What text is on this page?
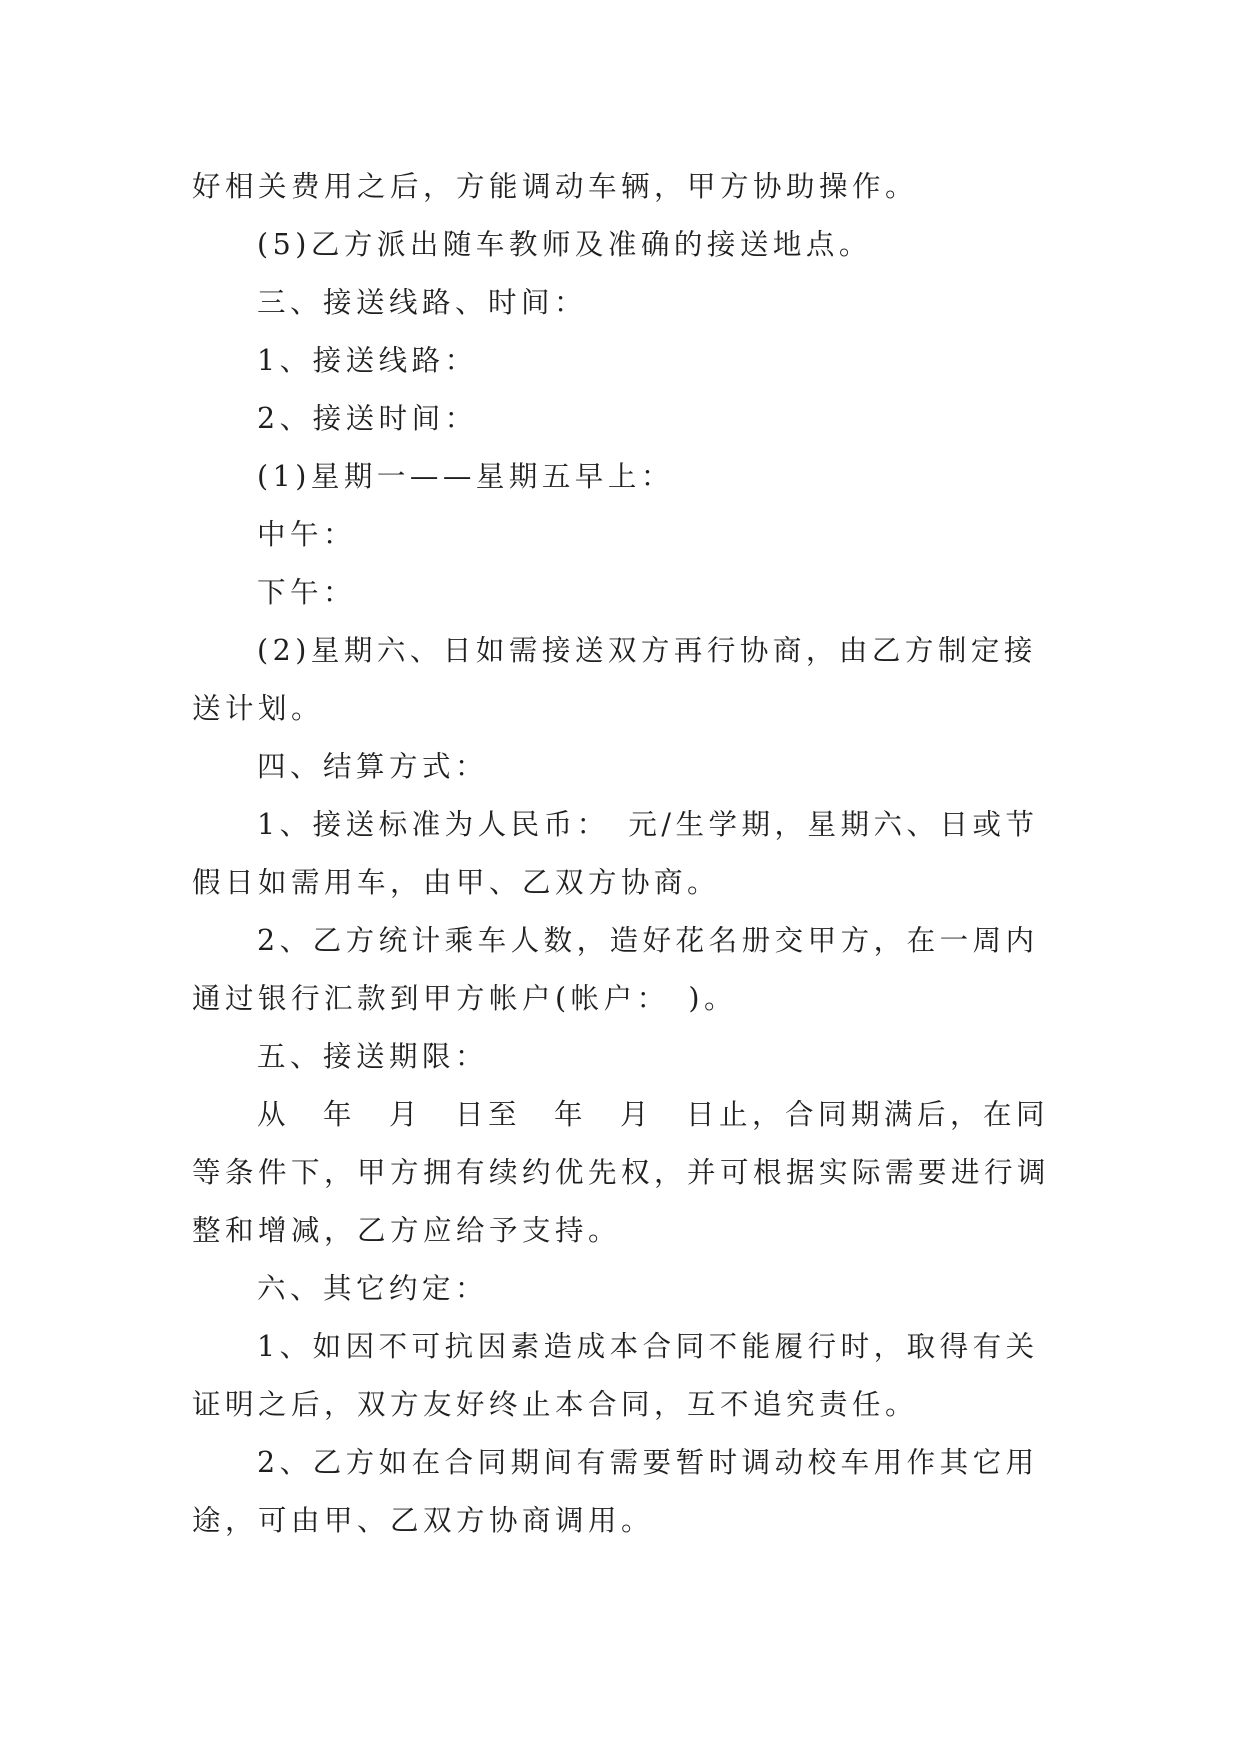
好相关费用之后，方能调动车辆，甲方协助操作。

(5)乙方派出随车教师及准确的接送地点。

三、接送线路、时间：

1、接送线路：

2、接送时间：

(1)星期一——星期五早上：

中午：

下午：

(2)星期六、日如需接送双方再行协商，由乙方制定接送计划。

四、结算方式：

1、接送标准为人民币：　元/生学期，星期六、日或节假日如需用车，由甲、乙双方协商。

2、乙方统计乘车人数，造好花名册交甲方，在一周内通过银行汇款到甲方帐户(帐户：　)。

五、接送期限：

从　年　月　日至　年　月　日止，合同期满后，在同等条件下，甲方拥有续约优先权，并可根据实际需要进行调整和增减，乙方应给予支持。

六、其它约定：

1、如因不可抗因素造成本合同不能履行时，取得有关证明之后，双方友好终止本合同，互不追究责任。

2、乙方如在合同期间有需要暂时调动校车用作其它用途，可由甲、乙双方协商调用。
